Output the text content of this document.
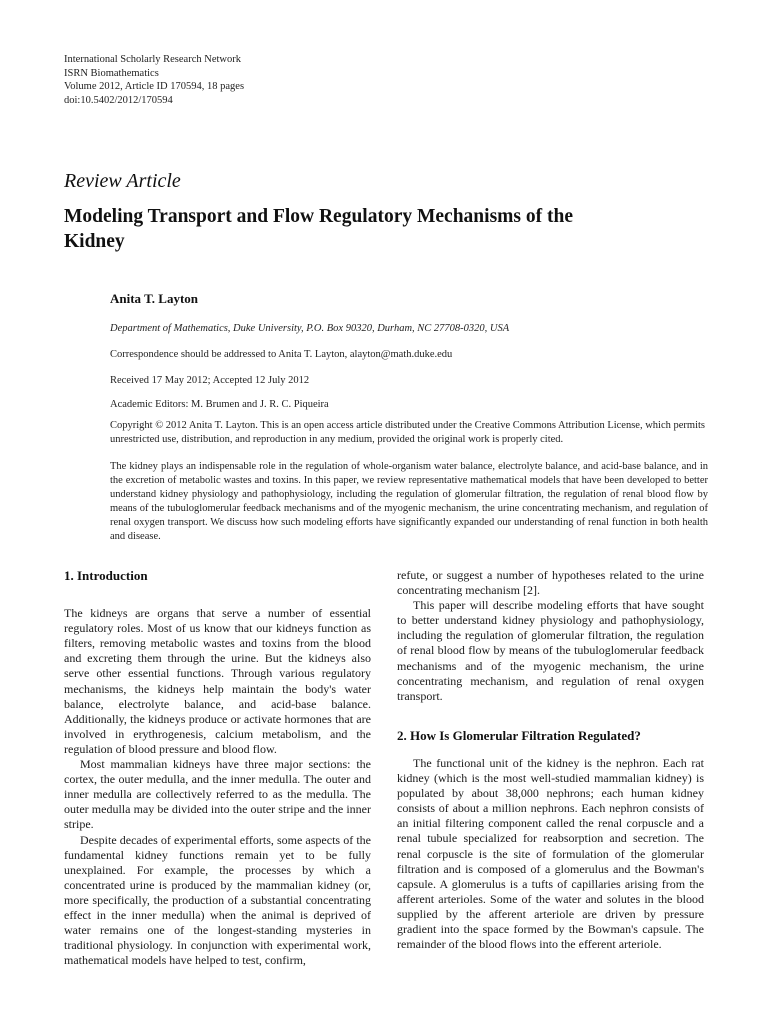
International Scholarly Research Network
ISRN Biomathematics
Volume 2012, Article ID 170594, 18 pages
doi:10.5402/2012/170594
Review Article
Modeling Transport and Flow Regulatory Mechanisms of the Kidney
Anita T. Layton
Department of Mathematics, Duke University, P.O. Box 90320, Durham, NC 27708-0320, USA
Correspondence should be addressed to Anita T. Layton, alayton@math.duke.edu
Received 17 May 2012; Accepted 12 July 2012
Academic Editors: M. Brumen and J. R. C. Piqueira
Copyright © 2012 Anita T. Layton. This is an open access article distributed under the Creative Commons Attribution License, which permits unrestricted use, distribution, and reproduction in any medium, provided the original work is properly cited.
The kidney plays an indispensable role in the regulation of whole-organism water balance, electrolyte balance, and acid-base balance, and in the excretion of metabolic wastes and toxins. In this paper, we review representative mathematical models that have been developed to better understand kidney physiology and pathophysiology, including the regulation of glomerular filtration, the regulation of renal blood flow by means of the tubuloglomerular feedback mechanisms and of the myogenic mechanism, the urine concentrating mechanism, and regulation of renal oxygen transport. We discuss how such modeling efforts have significantly expanded our understanding of renal function in both health and disease.
1. Introduction

The kidneys are organs that serve a number of essential regulatory roles. Most of us know that our kidneys function as filters, removing metabolic wastes and toxins from the blood and excreting them through the urine. But the kidneys also serve other essential functions. Through various regulatory mechanisms, the kidneys help maintain the body's water balance, electrolyte balance, and acid-base balance. Additionally, the kidneys produce or activate hormones that are involved in erythrogenesis, calcium metabolism, and the regulation of blood pressure and blood flow.

Most mammalian kidneys have three major sections: the cortex, the outer medulla, and the inner medulla. The outer and inner medulla are collectively referred to as the medulla. The outer medulla may be divided into the outer stripe and the inner stripe.

Despite decades of experimental efforts, some aspects of the fundamental kidney functions remain yet to be fully unexplained. For example, the processes by which a concentrated urine is produced by the mammalian kidney (or, more specifically, the production of a substantial concentrating effect in the inner medulla) when the animal is deprived of water remains one of the longest-standing mysteries in traditional physiology. In conjunction with experimental work, mathematical models have helped to test, confirm,

refute, or suggest a number of hypotheses related to the urine concentrating mechanism [2].

This paper will describe modeling efforts that have sought to better understand kidney physiology and pathophysiology, including the regulation of glomerular filtration, the regulation of renal blood flow by means of the tubuloglomerular feedback mechanisms and of the myogenic mechanism, the urine concentrating mechanism, and regulation of renal oxygen transport.

2. How Is Glomerular Filtration Regulated?

The functional unit of the kidney is the nephron. Each rat kidney (which is the most well-studied mammalian kidney) is populated by about 38,000 nephrons; each human kidney consists of about a million nephrons. Each nephron consists of an initial filtering component called the renal corpuscle and a renal tubule specialized for reabsorption and secretion. The renal corpuscle is the site of formulation of the glomerular filtration and is composed of a glomerulus and the Bowman's capsule. A glomerulus is a tufts of capillaries arising from the afferent arterioles. Some of the water and solutes in the blood supplied by the afferent arteriole are driven by pressure gradient into the space formed by the Bowman's capsule. The remainder of the blood flows into the efferent arteriole.
